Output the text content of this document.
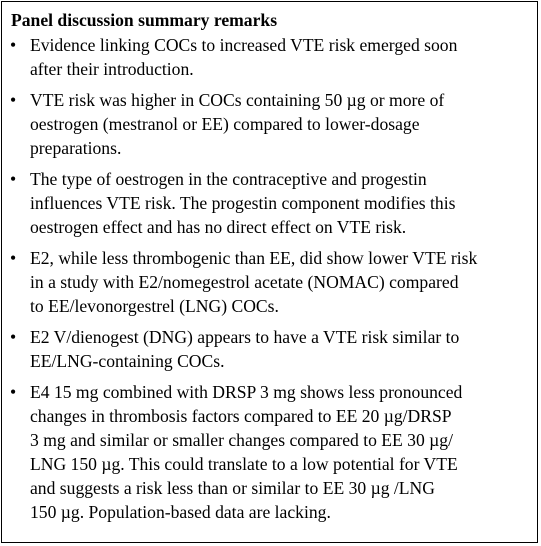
Panel discussion summary remarks
• Evidence linking COCs to increased VTE risk emerged soon
after their introduction.
• VTE risk was higher in COCs containing 50 µg or more of
oestrogen (mestranol or EE) compared to lower-dosage
preparations.
• The type of oestrogen in the contraceptive and progestin
influences VTE risk. The progestin component modifies this
oestrogen effect and has no direct effect on VTE risk.
• E2, while less thrombogenic than EE, did show lower VTE risk
in a study with E2/nomegestrol acetate (NOMAC) compared
to EE/levonorgestrel (LNG) COCs.
• E2 V/dienogest (DNG) appears to have a VTE risk similar to
EE/LNG-containing COCs.
• E4 15 mg combined with DRSP 3 mg shows less pronounced
changes in thrombosis factors compared to EE 20 µg/DRSP
3 mg and similar or smaller changes compared to EE 30 µg/
LNG 150 µg. This could translate to a low potential for VTE
and suggests a risk less than or similar to EE 30 µg /LNG
150 µg. Population-based data are lacking.
